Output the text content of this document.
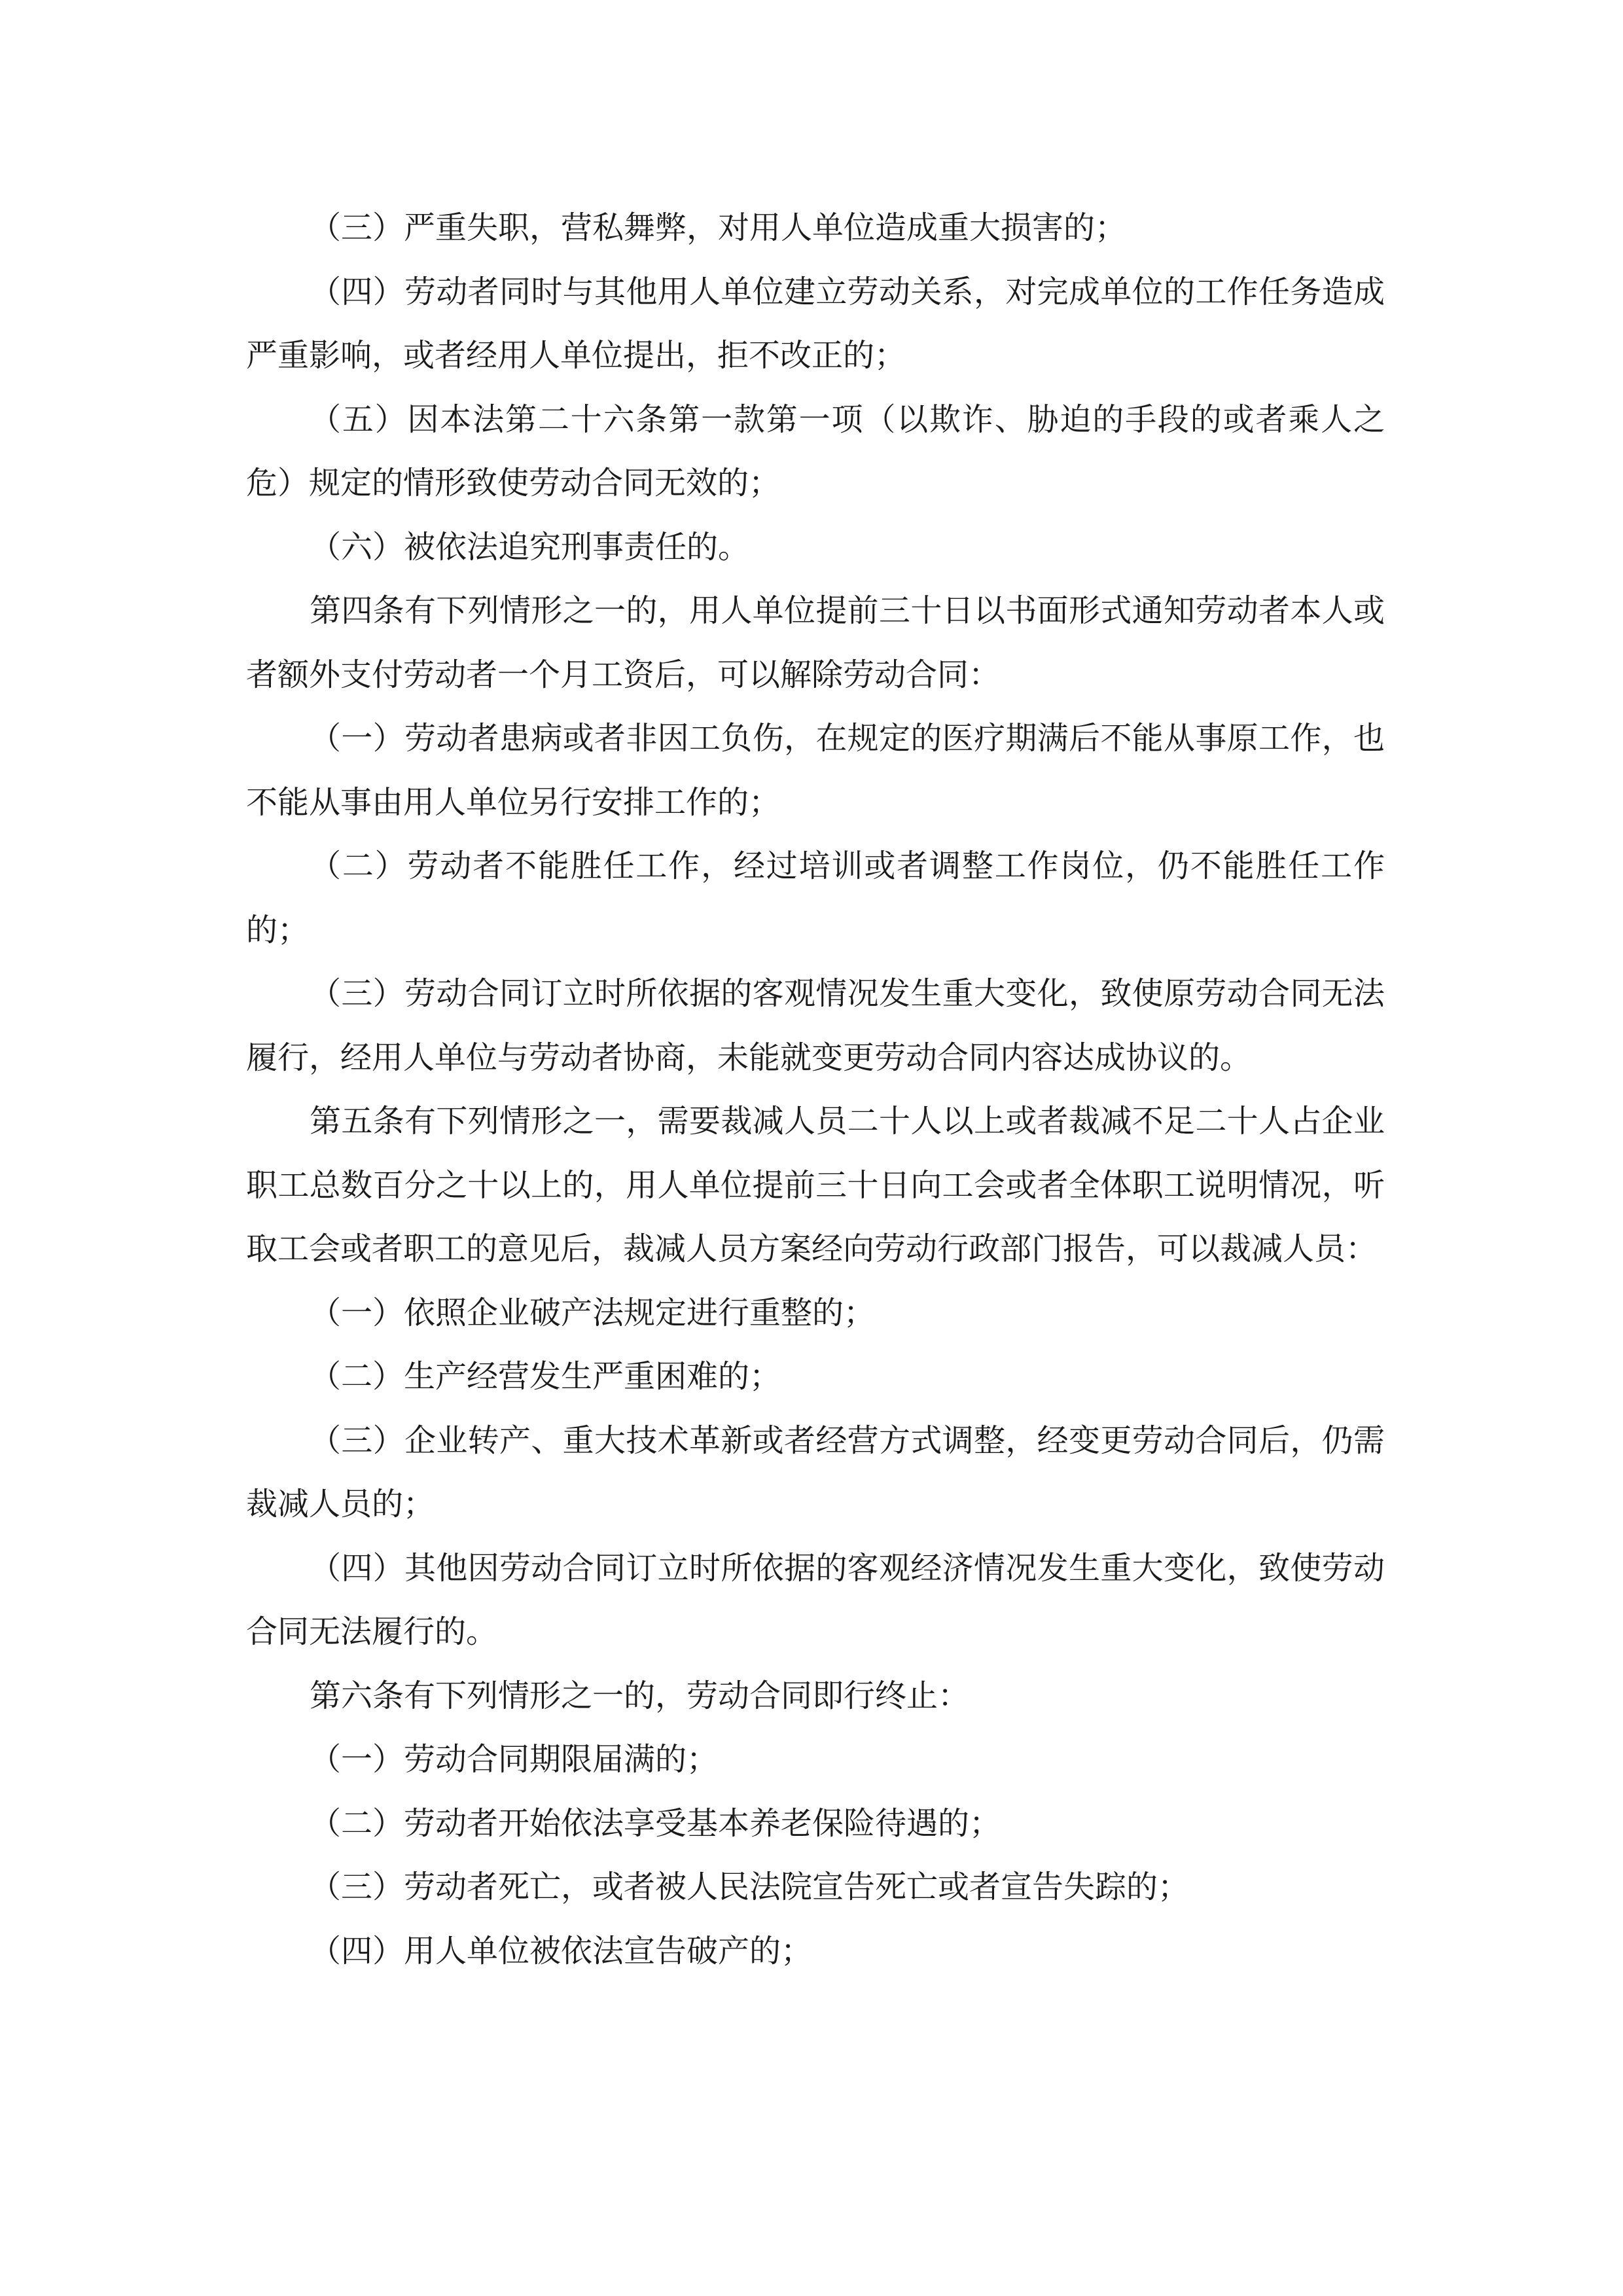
（三）严重失职，营私舞弊，对用人单位造成重大损害的；

（四）劳动者同时与其他用人单位建立劳动关系，对完成单位的工作任务造成严重影响，或者经用人单位提出，拒不改正的；

（五）因本法第二十六条第一款第一项（以欺诈、胁迫的手段的或者乘人之危）规定的情形致使劳动合同无效的；

（六）被依法追究刑事责任的。

第四条有下列情形之一的，用人单位提前三十日以书面形式通知劳动者本人或者额外支付劳动者一个月工资后，可以解除劳动合同：

（一）劳动者患病或者非因工负伤，在规定的医疗期满后不能从事原工作，也不能从事由用人单位另行安排工作的；

（二）劳动者不能胜任工作，经过培训或者调整工作岗位，仍不能胜任工作的；

（三）劳动合同订立时所依据的客观情况发生重大变化，致使原劳动合同无法履行，经用人单位与劳动者协商，未能就变更劳动合同内容达成协议的。

第五条有下列情形之一，需要裁减人员二十人以上或者裁减不足二十人占企业职工总数百分之十以上的，用人单位提前三十日向工会或者全体职工说明情况，听取工会或者职工的意见后，裁减人员方案经向劳动行政部门报告，可以裁减人员：

（一）依照企业破产法规定进行重整的；

（二）生产经营发生严重困难的；

（三）企业转产、重大技术革新或者经营方式调整，经变更劳动合同后，仍需裁减人员的；

（四）其他因劳动合同订立时所依据的客观经济情况发生重大变化，致使劳动合同无法履行的。

第六条有下列情形之一的，劳动合同即行终止：

（一）劳动合同期限届满的；

（二）劳动者开始依法享受基本养老保险待遇的；

（三）劳动者死亡，或者被人民法院宣告死亡或者宣告失踪的；

（四）用人单位被依法宣告破产的；
